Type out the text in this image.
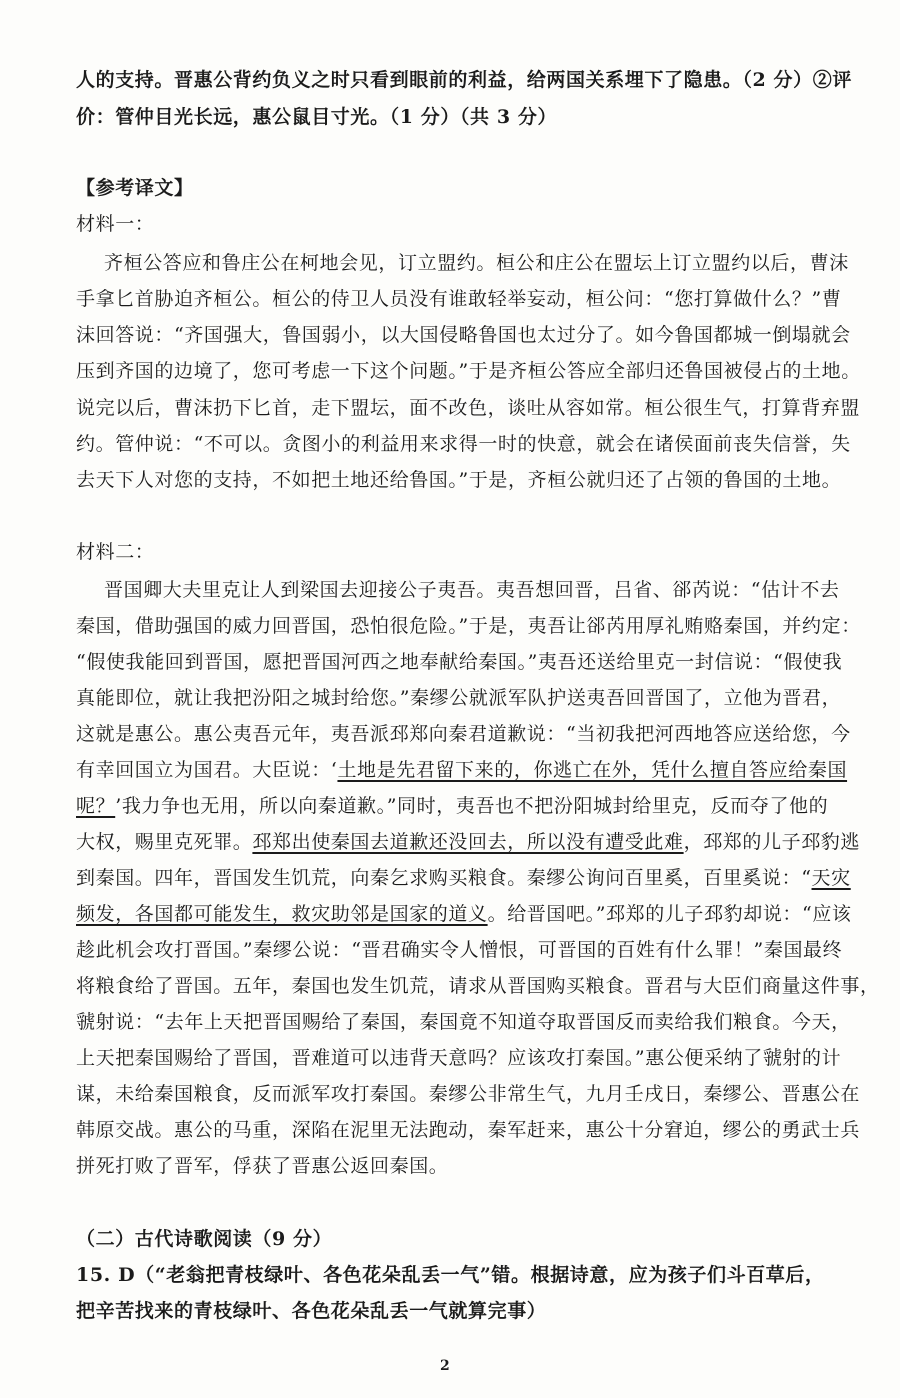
人的支持。晋惠公背约负义之时只看到眼前的利益，给两国关系埋下了隐患。（2 分）②评
价：管仲目光长远，惠公鼠目寸光。（1 分）（共 3 分）
【参考译文】
材料一：
齐桓公答应和鲁庄公在柯地会见，订立盟约。桓公和庄公在盟坛上订立盟约以后，曹沫
手拿匕首胁迫齐桓公。桓公的侍卫人员没有谁敢轻举妄动，桓公问：“您打算做什么？”曹
沫回答说：“齐国强大，鲁国弱小，以大国侵略鲁国也太过分了。如今鲁国都城一倒塌就会
压到齐国的边境了，您可考虑一下这个问题。”于是齐桓公答应全部归还鲁国被侵占的土地。
说完以后，曹沫扔下匕首，走下盟坛，面不改色，谈吐从容如常。桓公很生气，打算背弃盟
约。管仲说：“不可以。贪图小的利益用来求得一时的快意，就会在诸侯面前丧失信誉，失
去天下人对您的支持，不如把土地还给鲁国。”于是，齐桓公就归还了占领的鲁国的土地。
材料二：
晋国卿大夫里克让人到梁国去迎接公子夷吾。夷吾想回晋，吕省、郤芮说：“估计不去
秦国，借助强国的威力回晋国，恐怕很危险。”于是，夷吾让郤芮用厚礼贿赂秦国，并约定：
“假使我能回到晋国，愿把晋国河西之地奉献给秦国。”夷吾还送给里克一封信说：“假使我
真能即位，就让我把汾阳之城封给您。”秦缪公就派军队护送夷吾回晋国了，立他为晋君，
这就是惠公。惠公夷吾元年，夷吾派邳郑向秦君道歉说：“当初我把河西地答应送给您，今
有幸回国立为国君。大臣说：‘土地是先君留下来的，你逃亡在外，凭什么擅自答应给秦国
呢？’我力争也无用，所以向秦道歉。”同时，夷吾也不把汾阳城封给里克，反而夺了他的
大权，赐里克死罪。邳郑出使秦国去道歉还没回去，所以没有遭受此难，邳郑的儿子邳豹逃
到秦国。四年，晋国发生饥荒，向秦乞求购买粮食。秦缪公询问百里奚，百里奚说：“天灾
频发，各国都可能发生，救灾助邻是国家的道义。给晋国吧。”邳郑的儿子邳豹却说：“应该
趁此机会攻打晋国。”秦缪公说：“晋君确实令人憎恨，可晋国的百姓有什么罪！”秦国最终
将粮食给了晋国。五年，秦国也发生饥荒，请求从晋国购买粮食。晋君与大臣们商量这件事，
虢射说：“去年上天把晋国赐给了秦国，秦国竟不知道夺取晋国反而卖给我们粮食。今天，
上天把秦国赐给了晋国，晋难道可以违背天意吗？应该攻打秦国。”惠公便采纳了虢射的计
谋，未给秦国粮食，反而派军攻打秦国。秦缪公非常生气，九月壬戌日，秦缪公、晋惠公在
韩原交战。惠公的马重，深陷在泥里无法跑动，秦军赶来，惠公十分窘迫，缪公的勇武士兵
拼死打败了晋军，俘获了晋惠公返回秦国。
（二）古代诗歌阅读（9 分）
15. D（“老翁把青枝绿叶、各色花朵乱丢一气”错。根据诗意，应为孩子们斗百草后，
把辛苦找来的青枝绿叶、各色花朵乱丢一气就算完事）
2
